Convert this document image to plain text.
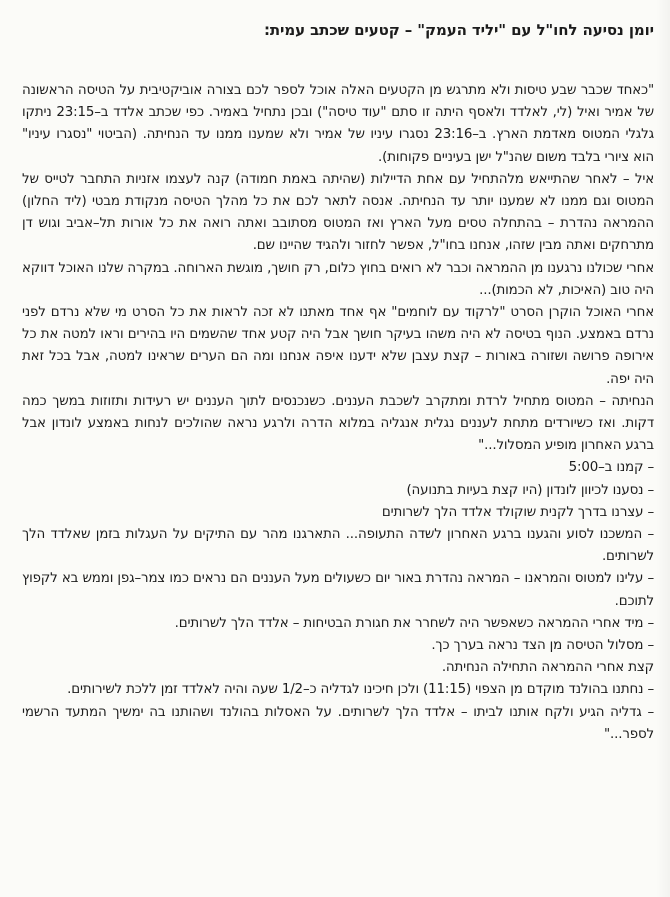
יומן נסיעה לחו"ל עם "יליד העמק" – קטעים שכתב עמית:

"כאחד שכבר שבע טיסות ולא מתרגש מן הקטעים האלה אוכל לספר לכם בצורה אוביקטיבית על הטיסה הראשונה של אמיר ואיל (לי, לאלדד ולאסף היתה זו סתם "עוד טיסה") ובכן נתחיל באמיר. כפי שכתב אלדד ב–23:15 ניתקו גלגלי המטוס מאדמת הארץ. ב–23:16 נסגרו עיניו של אמיר ולא שמענו ממנו עד הנחיתה. (הביטוי "נסגרו עיניו" הוא ציורי בלבד משום שהנ"ל ישן בעיניים פקוחות).

איל – לאחר שהתייאש מלהתחיל עם אחת הדיילות (שהיתה באמת חמודה) קנה לעצמו אזניות התחבר לטייס של המטוס וגם ממנו לא שמענו יותר עד הנחיתה. אנסה לתאר לכם את כל מהלך הטיסה מנקודת מבטי (ליד החלון) ההמראה נהדרת – בהתחלה טסים מעל הארץ ואז המטוס מסתובב ואתה רואה את כל אורות תל–אביב וגוש דן מתרחקים ואתה מבין שזהו, אנחנו בחו"ל, אפשר לחזור ולהגיד שהיינו שם.

אחרי שכולנו נרגענו מן ההמראה וכבר לא רואים בחוץ כלום, רק חושך, מוגשת הארוחה. במקרה שלנו האוכל דווקא היה טוב (האיכות, לא הכמות)...

אחרי האוכל הוקרן הסרט "לרקוד עם לוחמים" אף אחד מאתנו לא זכה לראות את כל הסרט מי שלא נרדם לפני נרדם באמצע. הנוף בטיסה לא היה משהו בעיקר חושך אבל היה קטע אחד שהשמים היו בהירים וראו למטה את כל אירופה פרושה ושזורה באורות – קצת עצבן שלא ידענו איפה אנחנו ומה הם הערים שראינו למטה, אבל בכל זאת היה יפה.

הנחיתה – המטוס מתחיל לרדת ומתקרב לשכבת העננים. כשנכנסים לתוך העננים יש רעידות ותזוזות במשך כמה דקות. ואז כשיורדים מתחת לעננים נגלית אנגליה במלוא הדרה ולרגע נראה שהולכים לנחות באמצע לונדון אבל ברגע האחרון מופיע המסלול..."

– קמנו ב–5:00

– נסענו לכיוון לונדון (היו קצת בעיות בתנועה)

– עצרנו בדרך לקנית שוקולד אלדד הלך לשרותים

– המשכנו לסוע והגענו ברגע האחרון לשדה התעופה... התארגנו מהר עם התיקים על העגלות בזמן שאלדד הלך לשרותים.

– עלינו למטוס והמראנו – המראה נהדרת באור יום כשעולים מעל העננים הם נראים כמו צמר–גפן וממש בא לקפוץ לתוכם.

– מיד אחרי ההמראה כשאפשר היה לשחרר את חגורת הבטיחות – אלדד הלך לשרותים.

– מסלול הטיסה מן הצד נראה בערך כך.

קצת אחרי ההמראה התחילה הנחיתה.

– נחתנו בהולנד מוקדם מן הצפוי (11:15) ולכן חיכינו לגדליה כ–1/2 שעה והיה לאלדד זמן ללכת לשירותים.

– גדליה הגיע ולקח אותנו לביתו – אלדד הלך לשרותים. על האסלות בהולנד ושהותנו בה ימשיך המתעד הרשמי לספר..."
